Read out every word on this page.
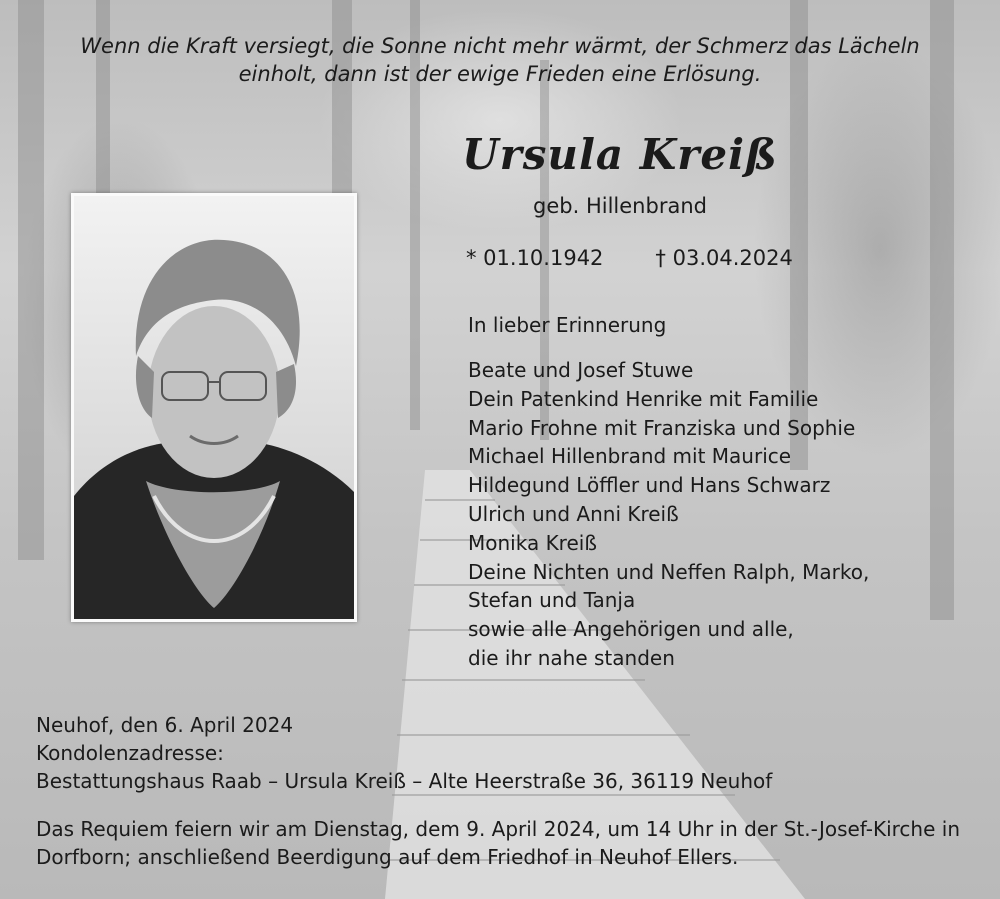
Wenn die Kraft versiegt, die Sonne nicht mehr wärmt, der Schmerz das Lächeln
einholt, dann ist der ewige Frieden eine Erlösung.

Ursula Kreiß

geb. Hillenbrand

* 01.10.1942 † 03.04.2024

In lieber Erinnerung

Beate und Josef Stuwe
Dein Patenkind Henrike mit Familie
Mario Frohne mit Franziska und Sophie
Michael Hillenbrand mit Maurice
Hildegund Löffler und Hans Schwarz
Ulrich und Anni Kreiß
Monika Kreiß
Deine Nichten und Neffen Ralph, Marko,
Stefan und Tanja
sowie alle Angehörigen und alle,
die ihr nahe standen
Neuhof, den 6. April 2024
Kondolenzadresse:
Bestattungshaus Raab – Ursula Kreiß – Alte Heerstraße 36, 36119 Neuhof

Das Requiem feiern wir am Dienstag, dem 9. April 2024, um 14 Uhr in der St.-Josef-Kirche in Dorfborn; anschließend Beerdigung auf dem Friedhof in Neuhof Ellers.
